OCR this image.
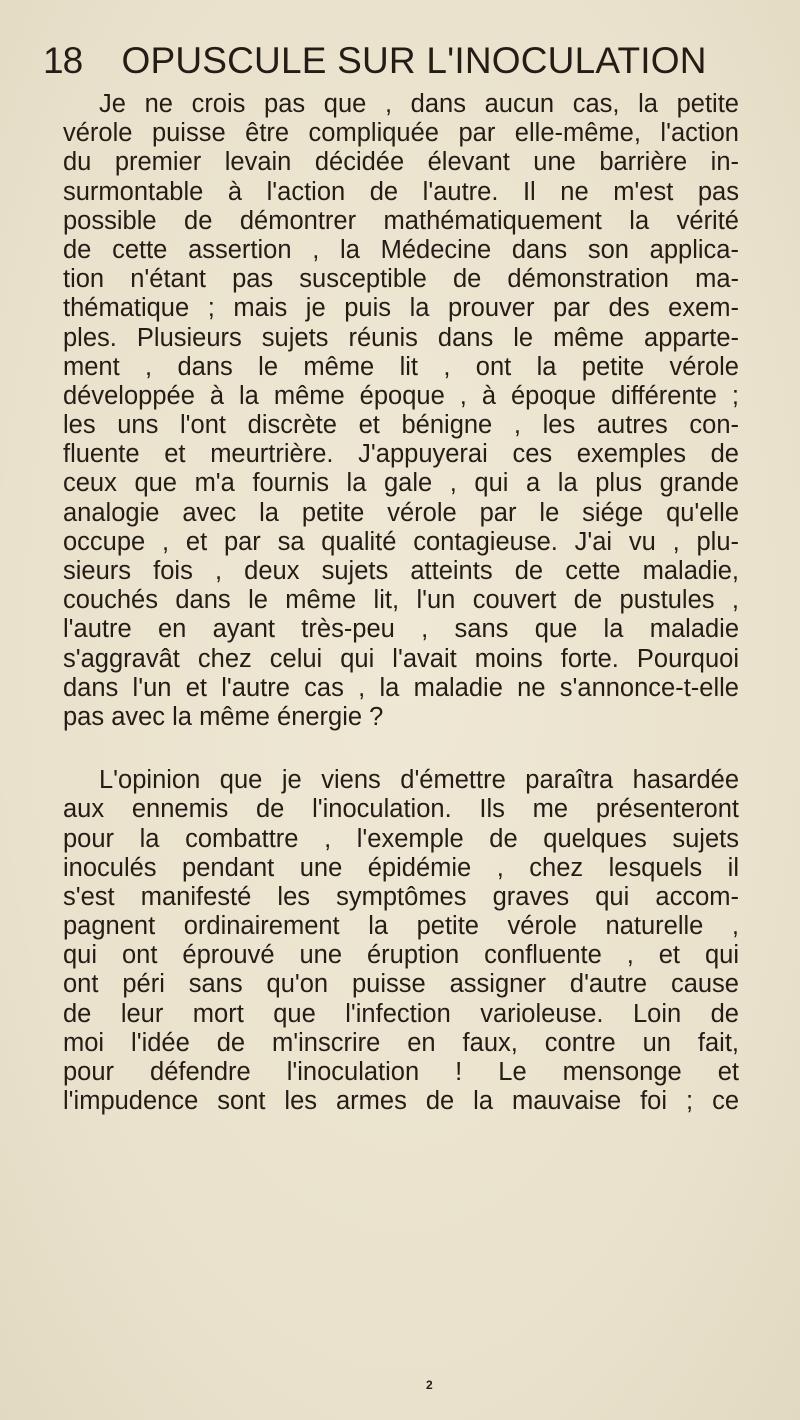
18 OPUSCULE SUR L'INOCULATION
Je ne crois pas que , dans aucun cas, la petite
vérole puisse être compliquée par elle-même, l'action
du premier levain décidée élevant une barrière in-
surmontable à l'action de l'autre. Il ne m'est pas
possible de démontrer mathématiquement la vérité
de cette assertion , la Médecine dans son applica-
tion n'étant pas susceptible de démonstration ma-
thématique ; mais je puis la prouver par des exem-
ples. Plusieurs sujets réunis dans le même apparte-
ment , dans le même lit , ont la petite vérole
développée à la même époque , à époque différente ;
les uns l'ont discrète et bénigne , les autres con-
fluente et meurtrière. J'appuyerai ces exemples de
ceux que m'a fournis la gale , qui a la plus grande
analogie avec la petite vérole par le siége qu'elle
occupe , et par sa qualité contagieuse. J'ai vu , plu-
sieurs fois , deux sujets atteints de cette maladie,
couchés dans le même lit, l'un couvert de pustules ,
l'autre en ayant très-peu , sans que la maladie
s'aggravât chez celui qui l'avait moins forte. Pourquoi
dans l'un et l'autre cas , la maladie ne s'annonce-t-elle
pas avec la même énergie ?
L'opinion que je viens d'émettre paraîtra hasardée
aux ennemis de l'inoculation. Ils me présenteront
pour la combattre , l'exemple de quelques sujets
inoculés pendant une épidémie , chez lesquels il
s'est manifesté les symptômes graves qui accom-
pagnent ordinairement la petite vérole naturelle ,
qui ont éprouvé une éruption confluente , et qui
ont péri sans qu'on puisse assigner d'autre cause
de leur mort que l'infection varioleuse. Loin de
moi l'idée de m'inscrire en faux, contre un fait,
pour défendre l'inoculation ! Le mensonge et
l'impudence sont les armes de la mauvaise foi ; ce
2
